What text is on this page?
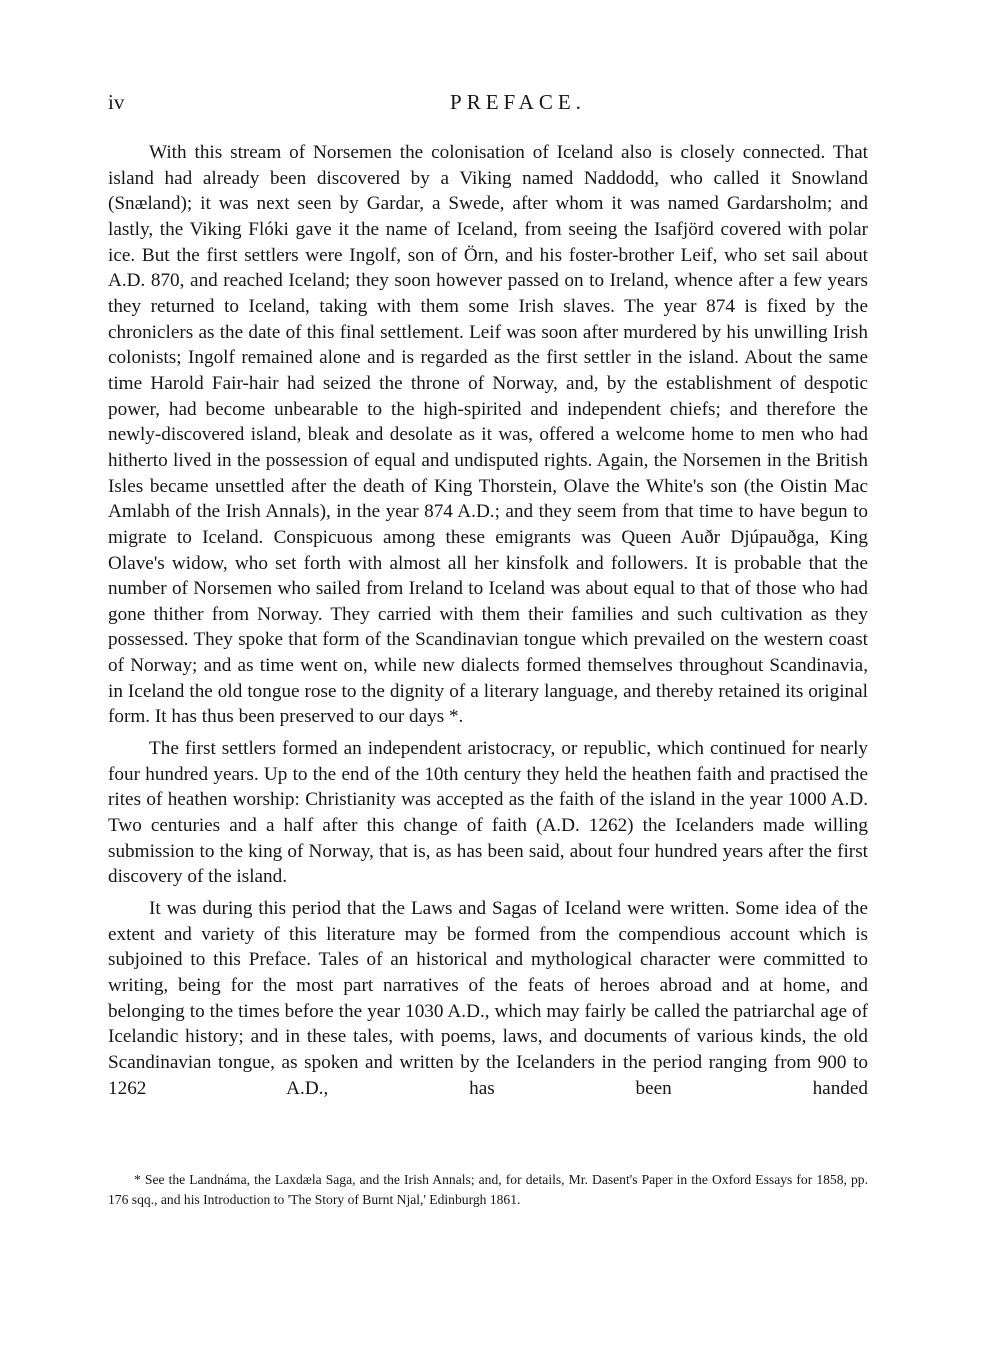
iv	PREFACE.

With this stream of Norsemen the colonisation of Iceland also is closely connected. That island had already been discovered by a Viking named Naddodd, who called it Snowland (Snæland); it was next seen by Gardar, a Swede, after whom it was named Gardarsholm; and lastly, the Viking Flóki gave it the name of Iceland, from seeing the Isafjörd covered with polar ice. But the first settlers were Ingolf, son of Örn, and his foster-brother Leif, who set sail about A.D. 870, and reached Iceland; they soon however passed on to Ireland, whence after a few years they returned to Iceland, taking with them some Irish slaves. The year 874 is fixed by the chroniclers as the date of this final settlement. Leif was soon after murdered by his unwilling Irish colonists; Ingolf remained alone and is regarded as the first settler in the island. About the same time Harold Fair-hair had seized the throne of Norway, and, by the establishment of despotic power, had become unbearable to the high-spirited and independent chiefs; and therefore the newly-discovered island, bleak and desolate as it was, offered a welcome home to men who had hitherto lived in the possession of equal and undisputed rights. Again, the Norsemen in the British Isles became unsettled after the death of King Thorstein, Olave the White's son (the Oistin Mac Amlabh of the Irish Annals), in the year 874 A.D.; and they seem from that time to have begun to migrate to Iceland. Conspicuous among these emigrants was Queen Auðr Djúpauðga, King Olave's widow, who set forth with almost all her kinsfolk and followers. It is probable that the number of Norsemen who sailed from Ireland to Iceland was about equal to that of those who had gone thither from Norway. They carried with them their families and such cultivation as they possessed. They spoke that form of the Scandinavian tongue which prevailed on the western coast of Norway; and as time went on, while new dialects formed themselves throughout Scandinavia, in Iceland the old tongue rose to the dignity of a literary language, and thereby retained its original form. It has thus been preserved to our days *.

The first settlers formed an independent aristocracy, or republic, which continued for nearly four hundred years. Up to the end of the 10th century they held the heathen faith and practised the rites of heathen worship: Christianity was accepted as the faith of the island in the year 1000 A.D. Two centuries and a half after this change of faith (A.D. 1262) the Icelanders made willing submission to the king of Norway, that is, as has been said, about four hundred years after the first discovery of the island.

It was during this period that the Laws and Sagas of Iceland were written. Some idea of the extent and variety of this literature may be formed from the compendious account which is subjoined to this Preface. Tales of an historical and mythological character were committed to writing, being for the most part narratives of the feats of heroes abroad and at home, and belonging to the times before the year 1030 A.D., which may fairly be called the patriarchal age of Icelandic history; and in these tales, with poems, laws, and documents of various kinds, the old Scandinavian tongue, as spoken and written by the Icelanders in the period ranging from 900 to 1262 A.D., has been handed

* See the Landnáma, the Laxdæla Saga, and the Irish Annals; and, for details, Mr. Dasent's Paper in the Oxford Essays for 1858, pp. 176 sqq., and his Introduction to 'The Story of Burnt Njal,' Edinburgh 1861.
